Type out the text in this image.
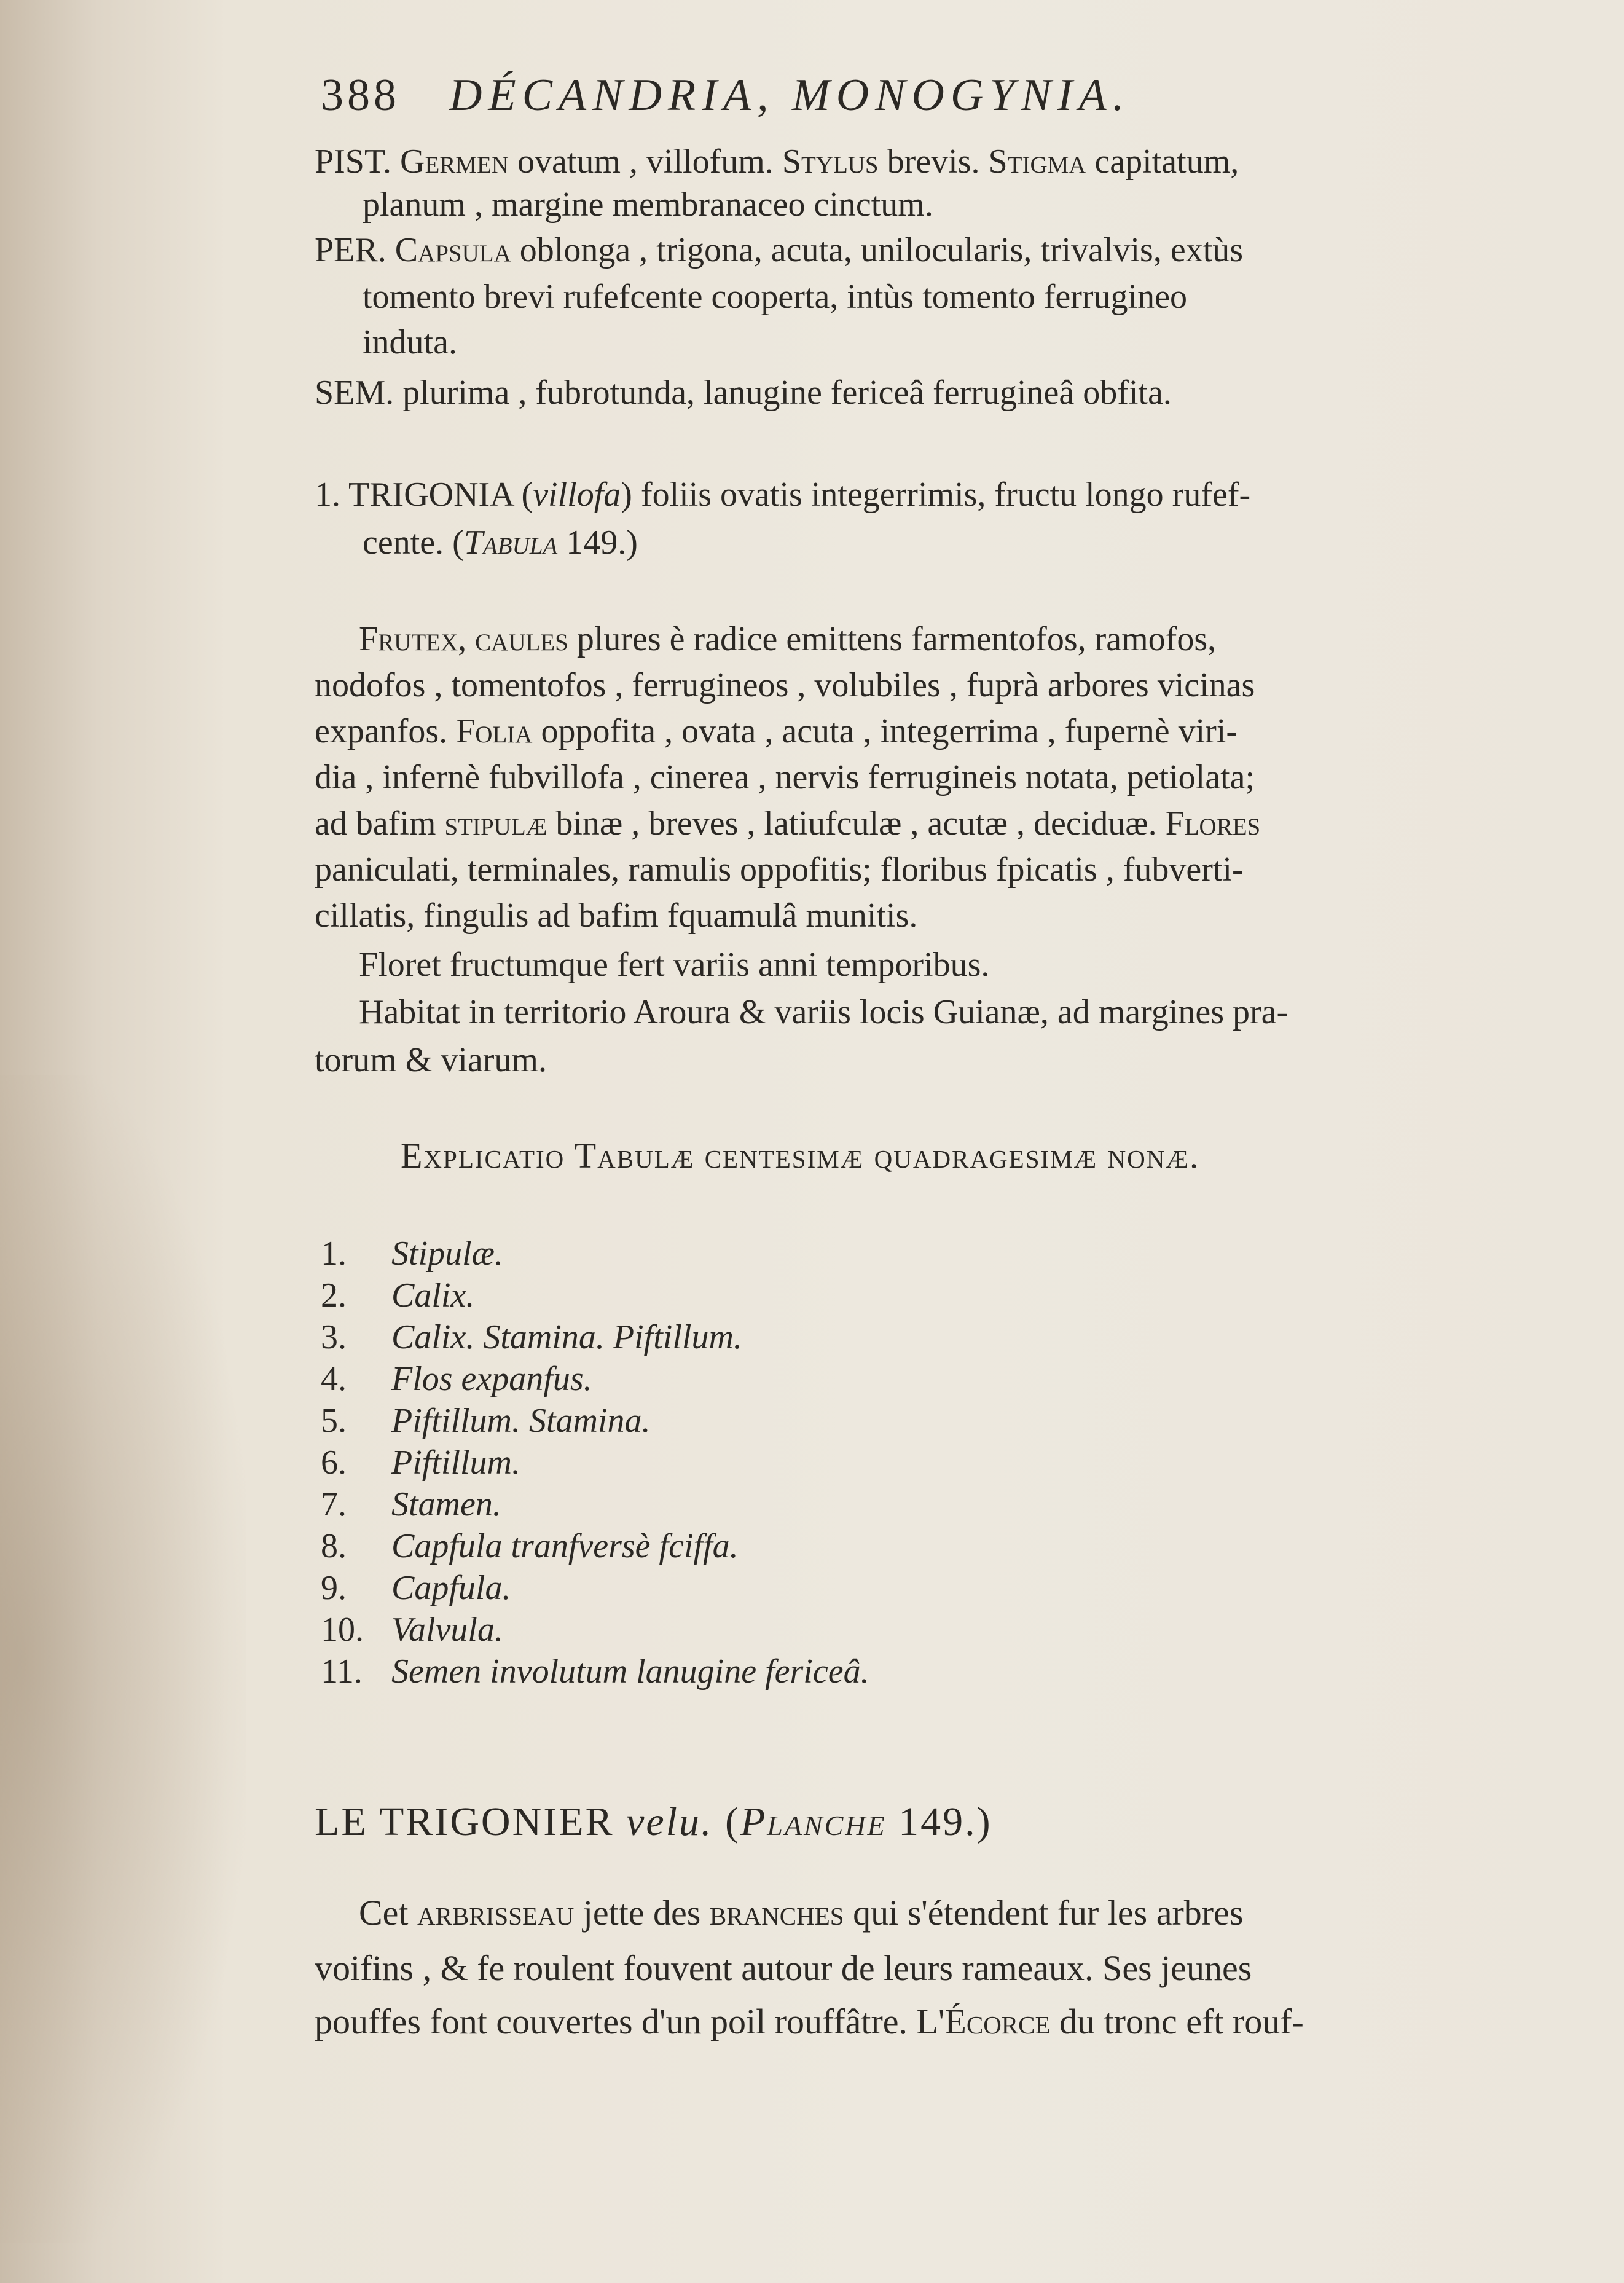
388 DÉCANDRIA, MONOGYNIA.
PIST. Germen ovatum , villofum. Stylus brevis. Stigma capitatum,
planum , margine membranaceo cinctum.
PER. Capsula oblonga , trigona, acuta, unilocularis, trivalvis, extùs
tomento brevi rufefcente cooperta, intùs tomento ferrugineo
induta.
SEM. plurima , fubrotunda, lanugine fericeâ ferrugineâ obfita.
1. TRIGONIA (villofa) foliis ovatis integerrimis, fructu longo rufef-
cente. (Tabula 149.)
Frutex, caules plures è radice emittens farmentofos, ramofos,
nodofos , tomentofos , ferrugineos , volubiles , fuprà arbores vicinas
expanfos. Folia oppofita , ovata , acuta , integerrima , fupernè viri-
dia , infernè fubvillofa , cinerea , nervis ferrugineis notata, petiolata;
ad bafim stipulæ binæ , breves , latiufculæ , acutæ , deciduæ. Flores
paniculati, terminales, ramulis oppofitis; floribus fpicatis , fubverti-
cillatis, fingulis ad bafim fquamulâ munitis.
Floret fructumque fert variis anni temporibus.
Habitat in territorio Aroura & variis locis Guianæ, ad margines pra-
torum & viarum.
Explicatio Tabulæ centesimæ quadragesimæ nonæ.
1. Stipulæ.
2. Calix.
3. Calix. Stamina. Piftillum.
4. Flos expanfus.
5. Piftillum. Stamina.
6. Piftillum.
7. Stamen.
8. Capfula tranfversè fciffa.
9. Capfula.
10. Valvula.
11. Semen involutum lanugine fericeâ.
LE TRIGONIER velu. (Planche 149.)
Cet arbrisseau jette des branches qui s'étendent fur les arbres
voifins , & fe roulent fouvent autour de leurs rameaux. Ses jeunes
pouffes font couvertes d'un poil rouffâtre. L'Écorce du tronc eft rouf-
